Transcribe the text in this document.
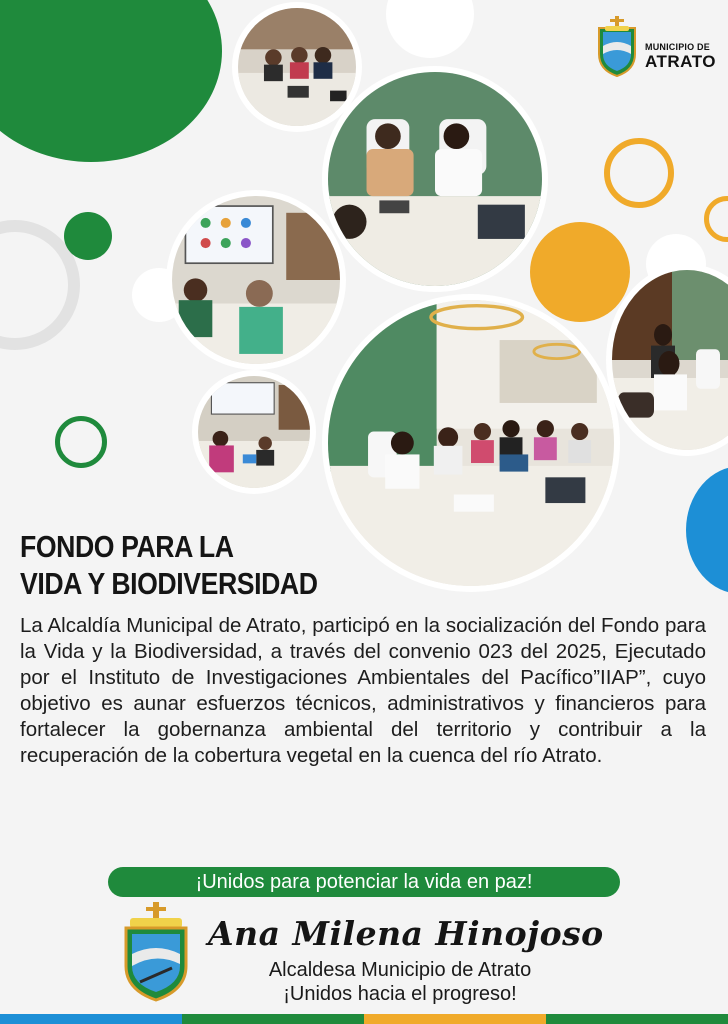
MUNICIPIO DE
ATRATO
FONDO PARA LA
VIDA Y BIODIVERSIDAD
La Alcaldía Municipal de Atrato, participó en la socialización del Fondo para la Vida y la Biodiversidad, a través del convenio 023 del 2025, Ejecutado por el Instituto de Investigaciones Ambientales del Pacífico”IIAP”, cuyo objetivo es aunar esfuerzos técnicos, administrativos y financieros para fortalecer la gobernanza ambiental del territorio y contribuir a la recuperación de la cobertura vegetal en la cuenca del río Atrato.
¡Unidos para potenciar la vida en paz!
Ana Milena Hinojoso
Alcaldesa Municipio de Atrato
¡Unidos hacia el progreso!
